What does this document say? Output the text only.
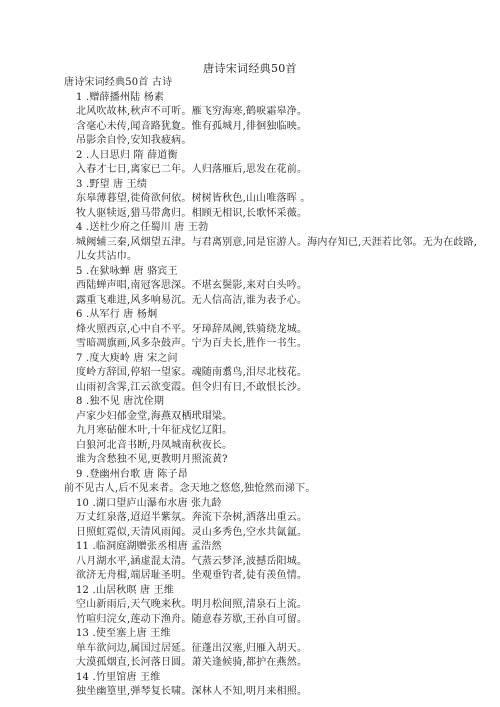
唐诗宋词经典50首
唐诗宋词经典50首 古诗
1 .赠薛播州陆 杨素
北风吹故林,秋声不可听。雁飞穷海寒,鹤唳霜皋净。
含毫心未传,闻音路犹夐。惟有孤城月,徘徊独临映。
吊影余自怜,安知我疲病。
2 .人日思归 隋 薛道衡
入春才七日,离家已二年。人归落雁后,思发在花前。
3 .野望 唐 王绩
东皋薄暮望,徙倚欲何依。树树皆秋色,山山唯落晖 。
牧人驱犊返,猎马带禽归。相顾无相识,长歌怀采薇。
4 .送杜少府之任蜀川 唐 王勃
城阙辅三秦,风烟望五津。与君离别意,同是宦游人。海内存知已,天涯若比邻。无为在歧路,儿女共沾巾。
5 .在狱咏蝉 唐 骆宾王
西陆蝉声唱,南冠客思深。不堪玄鬓影,来对白头吟。
露重飞难进,风多响易沉。无人信高洁,谁为表予心。
6 .从军行 唐 杨炯
烽火照西京,心中自不平。牙璋辞凤阙,铁骑绕龙城。
雪暗凋旗画,风多杂鼓声。宁为百夫长,胜作一书生。
7 .度大庾岭 唐 宋之问
度岭方辞国,停轺一望家。魂随南翥鸟,泪尽北枝花。
山雨初含霁,江云欲变霞。但令归有日,不敢恨长沙。
8 .独不见 唐沈佺期
卢家少妇郁金堂,海燕双栖玳瑁梁。
九月寒砧催木叶,十年征戍忆辽阳。
白狼河北音书断,丹凤城南秋夜长。
谁为含愁独不见,更教明月照流黄?
9 .登幽州台歌 唐 陈子昂
前不见古人,后不见来者。念天地之悠悠,独怆然而涕下。
10 .湖口望庐山瀑布水唐 张九龄
万丈红泉落,迢迢半紫氛。奔流下杂树,洒落出重云。
日照虹霓似,天清风雨闻。灵山多秀色,空水共氤氲。
11 .临洞庭湖赠张丞相唐 孟浩然
八月湖水平,涵虚混太清。气蒸云梦泽,波撼岳阳城。
欲济无舟楫,端居耻圣明。坐观垂钓者,徒有羡鱼情。
12 .山居秋暝 唐 王维
空山新雨后,天气晚来秋。明月松间照,清泉石上流。
竹喧归浣女,莲动下渔舟。随意春芳歇,王孙自可留。
13 .使至塞上唐 王维
单车欲问边,属国过居延。征蓬出汉塞,归雁入胡天。
大漠孤烟直,长河落日圆。萧关逢候骑,都护在燕然。
14 .竹里馆唐 王维
独坐幽篁里,弹琴复长啸。深林人不知,明月来相照。
